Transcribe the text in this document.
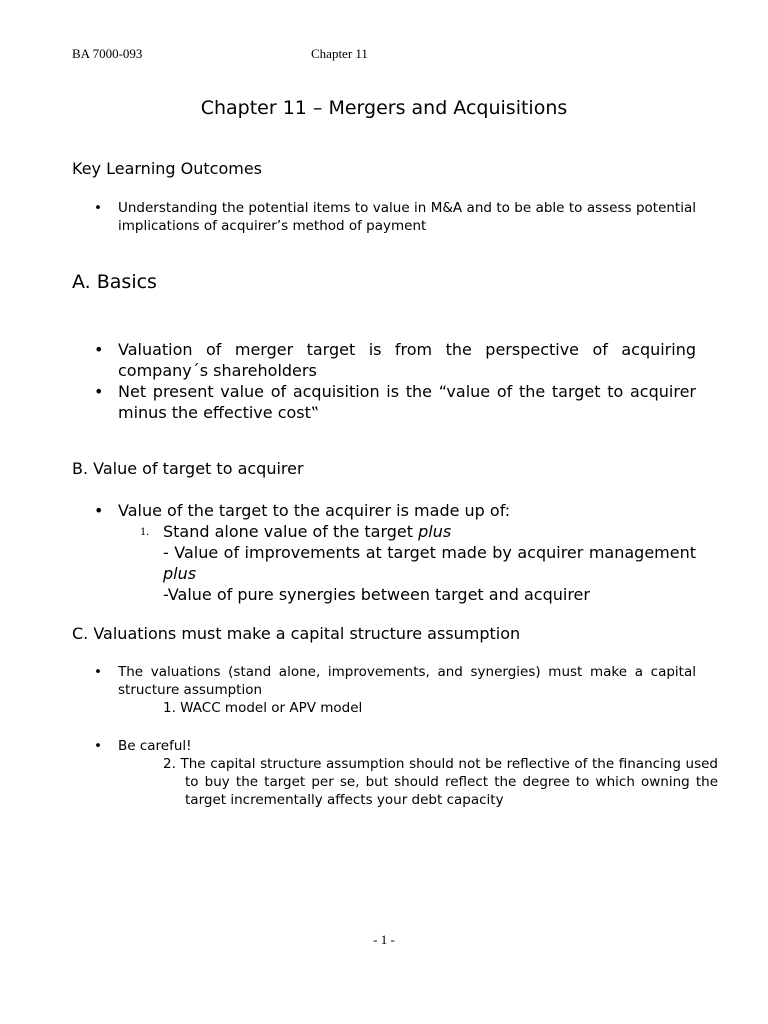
BA 7000-093	Chapter 11
Chapter 11 – Mergers and Acquisitions
Key Learning Outcomes
• Understanding the potential items to value in M&A and to be able to assess potential implications of acquirer’s method of payment
A. Basics
• Valuation of merger target is from the perspective of acquiring company´s shareholders
• Net present value of acquisition is the “value of the target to acquirer minus the effective cost‟
B. Value of target to acquirer
• Value of the target to the acquirer is made up of:
1. Stand alone value of the target plus
- Value of improvements at target made by acquirer management plus
-Value of pure synergies between target and acquirer
C. Valuations must make a capital structure assumption
• The valuations (stand alone, improvements, and synergies) must make a capital structure assumption
1. WACC model or APV model
• Be careful!
2. The capital structure assumption should not be reflective of the financing used to buy the target per se, but should reflect the degree to which owning the target incrementally affects your debt capacity
- 1 -
